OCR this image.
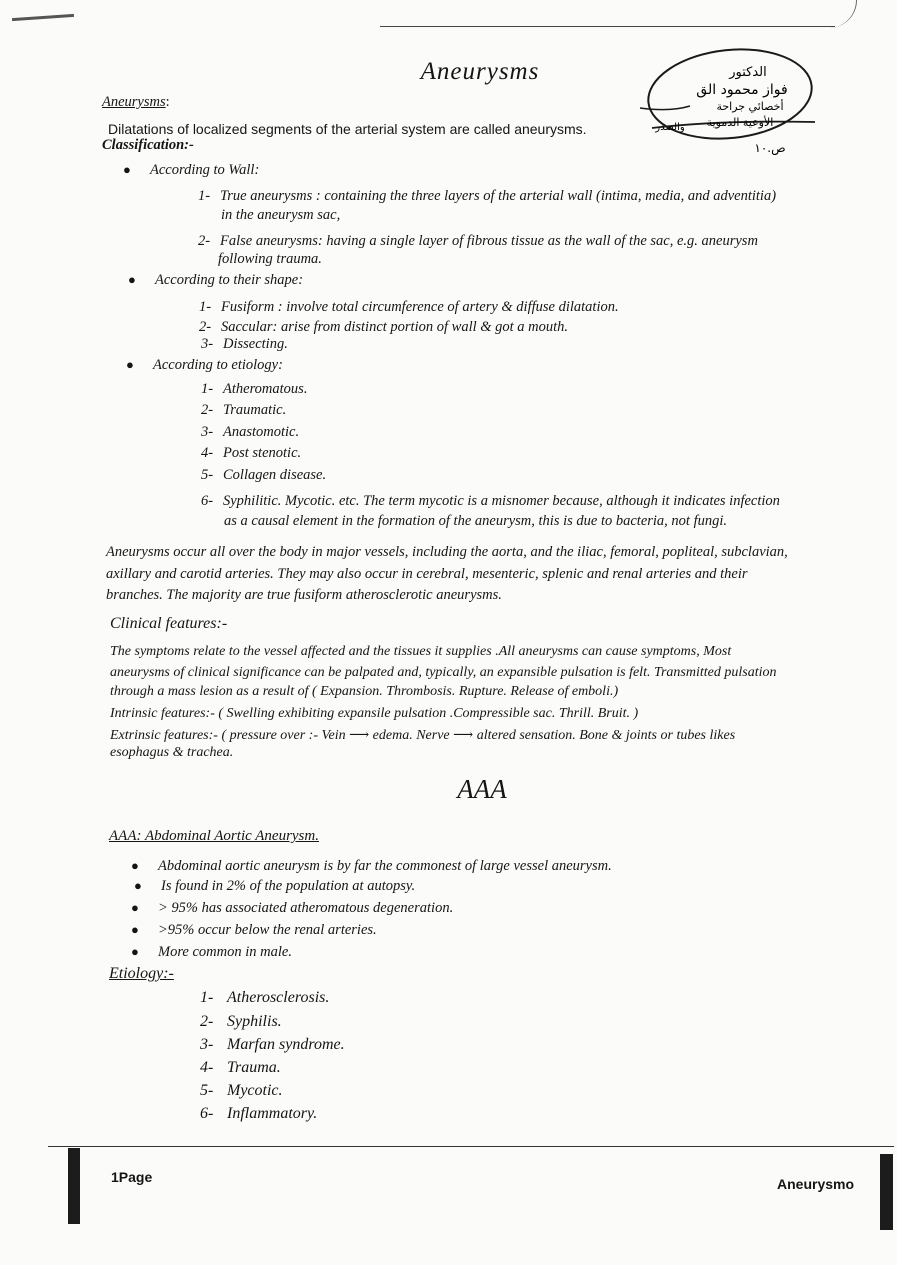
Aneurysms	الدكتور
فواز محمود الق
أخصائي جراحة
الأوعية الدموية
والصدر
ص.١٠
Aneurysms:
Dilatations of localized segments of the arterial system are called aneurysms.
Classification:-
● According to Wall:
1- True aneurysms : containing the three layers of the arterial wall (intima, media, and adventitia)
in the aneurysm sac,
2- False aneurysms: having a single layer of fibrous tissue as the wall of the sac, e.g. aneurysm
following trauma.
● According to their shape:
1- Fusiform : involve total circumference of artery & diffuse dilatation.
2- Saccular: arise from distinct portion of wall & got a mouth.
3- Dissecting.
● According to etiology:
1- Atheromatous.
2- Traumatic.
3- Anastomotic.
4- Post stenotic.
5- Collagen disease.
6- Syphilitic. Mycotic. etc. The term mycotic is a misnomer because, although it indicates infection
as a causal element in the formation of the aneurysm, this is due to bacteria, not fungi.
Aneurysms occur all over the body in major vessels, including the aorta, and the iliac, femoral, popliteal, subclavian,
axillary and carotid arteries. They may also occur in cerebral, mesenteric, splenic and renal arteries and their
branches. The majority are true fusiform atherosclerotic aneurysms.
Clinical features:-
The symptoms relate to the vessel affected and the tissues it supplies .All aneurysms can cause symptoms, Most
aneurysms of clinical significance can be palpated and, typically, an expansible pulsation is felt. Transmitted pulsation
through a mass lesion as a result of ( Expansion. Thrombosis. Rupture. Release of emboli.)
Intrinsic features:- ( Swelling exhibiting expansile pulsation .Compressible sac. Thrill. Bruit. )
Extrinsic features:- ( pressure over :- Vein ⟶ edema. Nerve ⟶ altered sensation. Bone & joints or tubes likes
esophagus & trachea.
AAA
AAA: Abdominal Aortic Aneurysm.
● Abdominal aortic aneurysm is by far the commonest of large vessel aneurysm.
● Is found in 2% of the population at autopsy.
● > 95% has associated atheromatous degeneration.
● >95% occur below the renal arteries.
● More common in male.
Etiology:-
1- Atherosclerosis.
2- Syphilis.
3- Marfan syndrome.
4- Trauma.
5- Mycotic.
6- Inflammatory.
1Page	Aneurysmo
